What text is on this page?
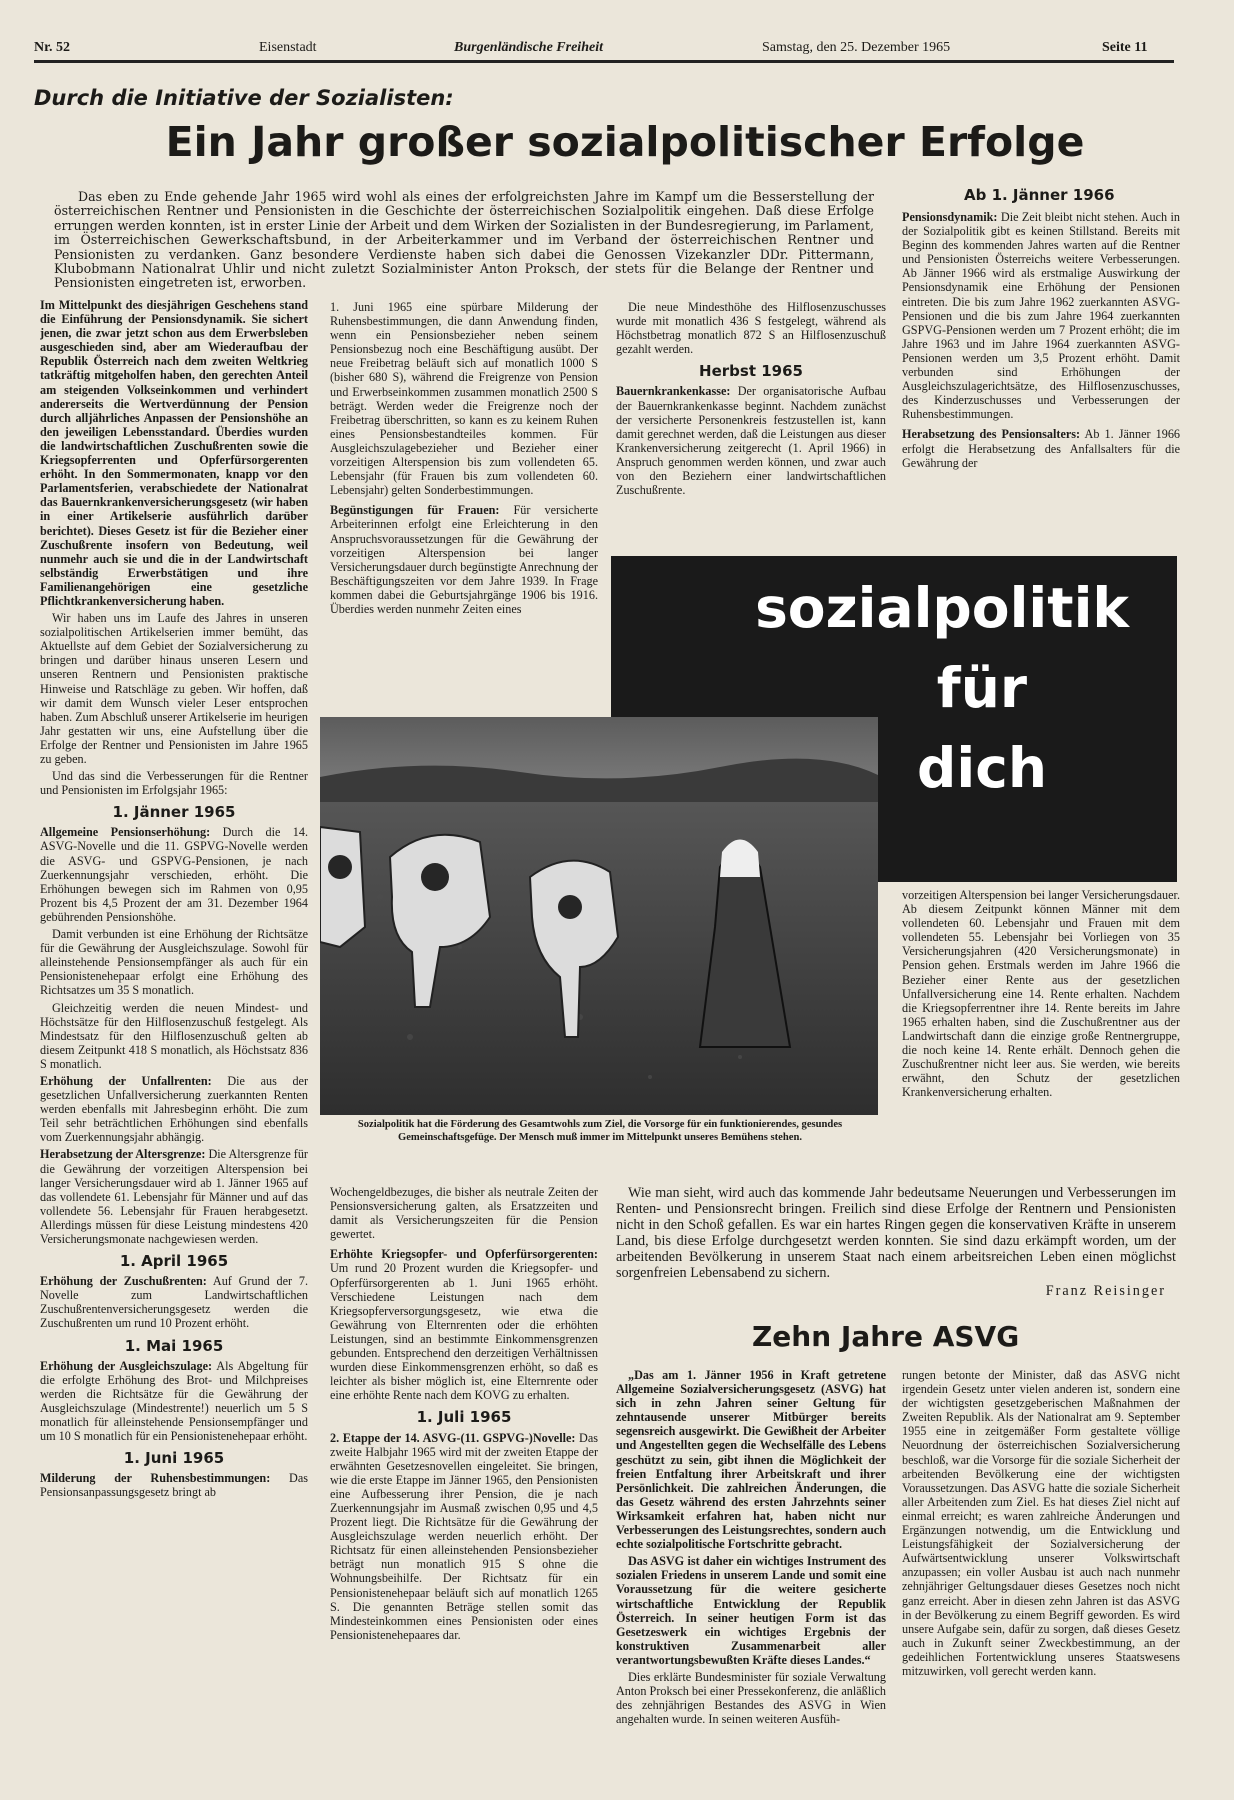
Nr. 52	Eisenstadt	Burgenländische Freiheit	Samstag, den 25. Dezember 1965	Seite 11
Durch die Initiative der Sozialisten:
Ein Jahr großer sozialpolitischer Erfolge

Das eben zu Ende gehende Jahr 1965 wird wohl als eines der erfolgreichsten Jahre im Kampf um die Besserstellung der österreichischen Rentner und Pensionisten in die Geschichte der österreichischen Sozialpolitik eingehen. Daß diese Erfolge errungen werden konnten, ist in erster Linie der Arbeit und dem Wirken der Sozialisten in der Bundesregierung, im Parlament, im Österreichischen Gewerkschaftsbund, in der Arbeiterkammer und im Verband der österreichischen Rentner und Pensionisten zu verdanken. Ganz besondere Verdienste haben sich dabei die Genossen Vizekanzler DDr. Pittermann, Klubobmann Nationalrat Uhlir und nicht zuletzt Sozialminister Anton Proksch, der stets für die Belange der Rentner und Pensionisten eingetreten ist, erworben.

Ab 1. Jänner 1966

Im Mittelpunkt des diesjährigen Geschehens stand die Einführung der Pensionsdynamik. Sie sichert jenen, die zwar jetzt schon aus dem Erwerbsleben ausgeschieden sind, aber am Wiederaufbau der Republik Österreich nach dem zweiten Weltkrieg tatkräftig mitgeholfen haben, den gerechten Anteil am steigenden Volkseinkommen und verhindert andererseits die Wertverdünnung der Pension durch alljährliches Anpassen der Pensionshöhe an den jeweiligen Lebensstandard. Überdies wurden die landwirtschaftlichen Zuschußrenten sowie die Kriegsopferrenten und Opferfürsorgerenten erhöht. In den Sommermonaten, knapp vor den Parlamentsferien, verabschiedete der Nationalrat das Bauernkrankenversicherungsgesetz (wir haben in einer Artikelserie ausführlich darüber berichtet). Dieses Gesetz ist für die Bezieher einer Zuschußrente insofern von Bedeutung, weil nunmehr auch sie und die in der Landwirtschaft selbständig Erwerbstätigen und ihre Familienangehörigen eine gesetzliche Pflichtkrankenversicherung haben.

Wir haben uns im Laufe des Jahres in unseren sozialpolitischen Artikelserien immer bemüht, das Aktuellste auf dem Gebiet der Sozialversicherung zu bringen und darüber hinaus unseren Lesern und unseren Rentnern und Pensionisten praktische Hinweise und Ratschläge zu geben. Wir hoffen, daß wir damit dem Wunsch vieler Leser entsprochen haben. Zum Abschluß unserer Artikelserie im heurigen Jahr gestatten wir uns, eine Aufstellung über die Erfolge der Rentner und Pensionisten im Jahre 1965 zu geben.

Und das sind die Verbesserungen für die Rentner und Pensionisten im Erfolgsjahr 1965:

1. Jänner 1965

Allgemeine Pensionserhöhung: Durch die 14. ASVG-Novelle und die 11. GSPVG-Novelle werden die ASVG- und GSPVG-Pensionen, je nach Zuerkennungsjahr verschieden, erhöht. Die Erhöhungen bewegen sich im Rahmen von 0,95 Prozent bis 4,5 Prozent der am 31. Dezember 1964 gebührenden Pensionshöhe.

Damit verbunden ist eine Erhöhung der Richtsätze für die Gewährung der Ausgleichszulage. Sowohl für alleinstehende Pensionsempfänger als auch für ein Pensionistenehepaar erfolgt eine Erhöhung des Richtsatzes um 35 S monatlich.

Gleichzeitig werden die neuen Mindest- und Höchstsätze für den Hilflosenzuschuß festgelegt. Als Mindestsatz für den Hilflosenzuschuß gelten ab diesem Zeitpunkt 418 S monatlich, als Höchstsatz 836 S monatlich.

Erhöhung der Unfallrenten: Die aus der gesetzlichen Unfallversicherung zuerkannten Renten werden ebenfalls mit Jahresbeginn erhöht. Die zum Teil sehr beträchtlichen Erhöhungen sind ebenfalls vom Zuerkennungsjahr abhängig.

Herabsetzung der Altersgrenze: Die Altersgrenze für die Gewährung der vorzeitigen Alterspension bei langer Versicherungsdauer wird ab 1. Jänner 1965 auf das vollendete 61. Lebensjahr für Männer und auf das vollendete 56. Lebensjahr für Frauen herabgesetzt. Allerdings müssen für diese Leistung mindestens 420 Versicherungsmonate nachgewiesen werden.

1. April 1965

Erhöhung der Zuschußrenten: Auf Grund der 7. Novelle zum Landwirtschaftlichen Zuschußrentenversicherungsgesetz werden die Zuschußrenten um rund 10 Prozent erhöht.

1. Mai 1965

Erhöhung der Ausgleichszulage: Als Abgeltung für die erfolgte Erhöhung des Brot- und Milchpreises werden die Richtsätze für die Gewährung der Ausgleichszulage (Mindestrente!) neuerlich um 5 S monatlich für alleinstehende Pensionsempfänger und um 10 S monatlich für ein Pensionistenehepaar erhöht.

1. Juni 1965

Milderung der Ruhensbestimmungen: Das Pensionsanpassungsgesetz bringt ab

1. Juni 1965 eine spürbare Milderung der Ruhensbestimmungen, die dann Anwendung finden, wenn ein Pensionsbezieher neben seinem Pensionsbezug noch eine Beschäftigung ausübt. Der neue Freibetrag beläuft sich auf monatlich 1000 S (bisher 680 S), während die Freigrenze von Pension und Erwerbseinkommen zusammen monatlich 2500 S beträgt. Werden weder die Freigrenze noch der Freibetrag überschritten, so kann es zu keinem Ruhen eines Pensionsbestandteiles kommen. Für Ausgleichszulagebezieher und Bezieher einer vorzeitigen Alterspension bis zum vollendeten 65. Lebensjahr (für Frauen bis zum vollendeten 60. Lebensjahr) gelten Sonderbestimmungen.

Begünstigungen für Frauen: Für versicherte Arbeiterinnen erfolgt eine Erleichterung in den Anspruchsvoraussetzungen für die Gewährung der vorzeitigen Alterspension bei langer Versicherungsdauer durch begünstigte Anrechnung der Beschäftigungszeiten vor dem Jahre 1939. In Frage kommen dabei die Geburtsjahrgänge 1906 bis 1916. Überdies werden nunmehr Zeiten eines

Die neue Mindesthöhe des Hilflosenzuschusses wurde mit monatlich 436 S festgelegt, während als Höchstbetrag monatlich 872 S an Hilflosenzuschuß gezahlt werden.

Herbst 1965

Bauernkrankenkasse: Der organisatorische Aufbau der Bauernkrankenkasse beginnt. Nachdem zunächst der versicherte Personenkreis festzustellen ist, kann damit gerechnet werden, daß die Leistungen aus dieser Krankenversicherung zeitgerecht (1. April 1966) in Anspruch genommen werden können, und zwar auch von den Beziehern einer landwirtschaftlichen Zuschußrente.

Pensionsdynamik: Die Zeit bleibt nicht stehen. Auch in der Sozialpolitik gibt es keinen Stillstand. Bereits mit Beginn des kommenden Jahres warten auf die Rentner und Pensionisten Österreichs weitere Verbesserungen. Ab Jänner 1966 wird als erstmalige Auswirkung der Pensionsdynamik eine Erhöhung der Pensionen eintreten. Die bis zum Jahre 1962 zuerkannten ASVG-Pensionen und die bis zum Jahre 1964 zuerkannten GSPVG-Pensionen werden um 7 Prozent erhöht; die im Jahre 1963 und im Jahre 1964 zuerkannten ASVG-Pensionen werden um 3,5 Prozent erhöht. Damit verbunden sind Erhöhungen der Ausgleichszulagerichtsätze, des Hilflosenzuschusses, des Kinderzuschusses und Verbesserungen der Ruhensbestimmungen.

Herabsetzung des Pensionsalters: Ab 1. Jänner 1966 erfolgt die Herabsetzung des Anfallsalters für die Gewährung der

sozialpolitik
für
dich
Sozialpolitik hat die Förderung des Gesamtwohls zum Ziel, die Vorsorge für ein funktionierendes, gesundes Gemeinschaftsgefüge. Der Mensch muß immer im Mittelpunkt unseres Bemühens stehen.

vorzeitigen Alterspension bei langer Versicherungsdauer. Ab diesem Zeitpunkt können Männer mit dem vollendeten 60. Lebensjahr und Frauen mit dem vollendeten 55. Lebensjahr bei Vorliegen von 35 Versicherungsjahren (420 Versicherungsmonate) in Pension gehen. Erstmals werden im Jahre 1966 die Bezieher einer Rente aus der gesetzlichen Unfallversicherung eine 14. Rente erhalten. Nachdem die Kriegsopferrentner ihre 14. Rente bereits im Jahre 1965 erhalten haben, sind die Zuschußrentner aus der Landwirtschaft dann die einzige große Rentnergruppe, die noch keine 14. Rente erhält. Dennoch gehen die Zuschußrentner nicht leer aus. Sie werden, wie bereits erwähnt, den Schutz der gesetzlichen Krankenversicherung erhalten.

Wochengeldbezuges, die bisher als neutrale Zeiten der Pensionsversicherung galten, als Ersatzzeiten und damit als Versicherungszeiten für die Pension gewertet.

Erhöhte Kriegsopfer- und Opferfürsorgerenten: Um rund 20 Prozent wurden die Kriegsopfer- und Opferfürsorgerenten ab 1. Juni 1965 erhöht. Verschiedene Leistungen nach dem Kriegsopferversorgungsgesetz, wie etwa die Gewährung von Elternrenten oder die erhöhten Leistungen, sind an bestimmte Einkommensgrenzen gebunden. Entsprechend den derzeitigen Verhältnissen wurden diese Einkommensgrenzen erhöht, so daß es leichter als bisher möglich ist, eine Elternrente oder eine erhöhte Rente nach dem KOVG zu erhalten.

1. Juli 1965

2. Etappe der 14. ASVG-(11. GSPVG-)Novelle: Das zweite Halbjahr 1965 wird mit der zweiten Etappe der erwähnten Gesetzesnovellen eingeleitet. Sie bringen, wie die erste Etappe im Jänner 1965, den Pensionisten eine Aufbesserung ihrer Pension, die je nach Zuerkennungsjahr im Ausmaß zwischen 0,95 und 4,5 Prozent liegt. Die Richtsätze für die Gewährung der Ausgleichszulage werden neuerlich erhöht. Der Richtsatz für einen alleinstehenden Pensionsbezieher beträgt nun monatlich 915 S ohne die Wohnungsbeihilfe. Der Richtsatz für ein Pensionistenehepaar beläuft sich auf monatlich 1265 S. Die genannten Beträge stellen somit das Mindesteinkommen eines Pensionisten oder eines Pensionistenehepaares dar.

Wie man sieht, wird auch das kommende Jahr bedeutsame Neuerungen und Verbesserungen im Renten- und Pensionsrecht bringen. Freilich sind diese Erfolge der Rentnern und Pensionisten nicht in den Schoß gefallen. Es war ein hartes Ringen gegen die konservativen Kräfte in unserem Land, bis diese Erfolge durchgesetzt werden konnten. Sie sind dazu erkämpft worden, um der arbeitenden Bevölkerung in unserem Staat nach einem arbeitsreichen Leben einen möglichst sorgenfreien Lebensabend zu sichern.

Franz Reisinger

Zehn Jahre ASVG

„Das am 1. Jänner 1956 in Kraft getretene Allgemeine Sozialversicherungsgesetz (ASVG) hat sich in zehn Jahren seiner Geltung für zehntausende unserer Mitbürger bereits segensreich ausgewirkt. Die Gewißheit der Arbeiter und Angestellten gegen die Wechselfälle des Lebens geschützt zu sein, gibt ihnen die Möglichkeit der freien Entfaltung ihrer Arbeitskraft und ihrer Persönlichkeit. Die zahlreichen Änderungen, die das Gesetz während des ersten Jahrzehnts seiner Wirksamkeit erfahren hat, haben nicht nur Verbesserungen des Leistungsrechtes, sondern auch echte sozialpolitische Fortschritte gebracht.

Das ASVG ist daher ein wichtiges Instrument des sozialen Friedens in unserem Lande und somit eine Voraussetzung für die weitere gesicherte wirtschaftliche Entwicklung der Republik Österreich. In seiner heutigen Form ist das Gesetzeswerk ein wichtiges Ergebnis der konstruktiven Zusammenarbeit aller verantwortungsbewußten Kräfte dieses Landes.“

Dies erklärte Bundesminister für soziale Verwaltung Anton Proksch bei einer Pressekonferenz, die anläßlich des zehnjährigen Bestandes des ASVG in Wien angehalten wurde. In seinen weiteren Ausfüh-

rungen betonte der Minister, daß das ASVG nicht irgendein Gesetz unter vielen anderen ist, sondern eine der wichtigsten gesetzgeberischen Maßnahmen der Zweiten Republik. Als der Nationalrat am 9. September 1955 eine in zeitgemäßer Form gestaltete völlige Neuordnung der österreichischen Sozialversicherung beschloß, war die Vorsorge für die soziale Sicherheit der arbeitenden Bevölkerung eine der wichtigsten Voraussetzungen. Das ASVG hatte die soziale Sicherheit aller Arbeitenden zum Ziel. Es hat dieses Ziel nicht auf einmal erreicht; es waren zahlreiche Änderungen und Ergänzungen notwendig, um die Entwicklung und Leistungsfähigkeit der Sozialversicherung der Aufwärtsentwicklung unserer Volkswirtschaft anzupassen; ein voller Ausbau ist auch nach nunmehr zehnjähriger Geltungsdauer dieses Gesetzes noch nicht ganz erreicht. Aber in diesen zehn Jahren ist das ASVG in der Bevölkerung zu einem Begriff geworden. Es wird unsere Aufgabe sein, dafür zu sorgen, daß dieses Gesetz auch in Zukunft seiner Zweckbestimmung, an der gedeihlichen Fortentwicklung unseres Staatswesens mitzuwirken, voll gerecht werden kann.
